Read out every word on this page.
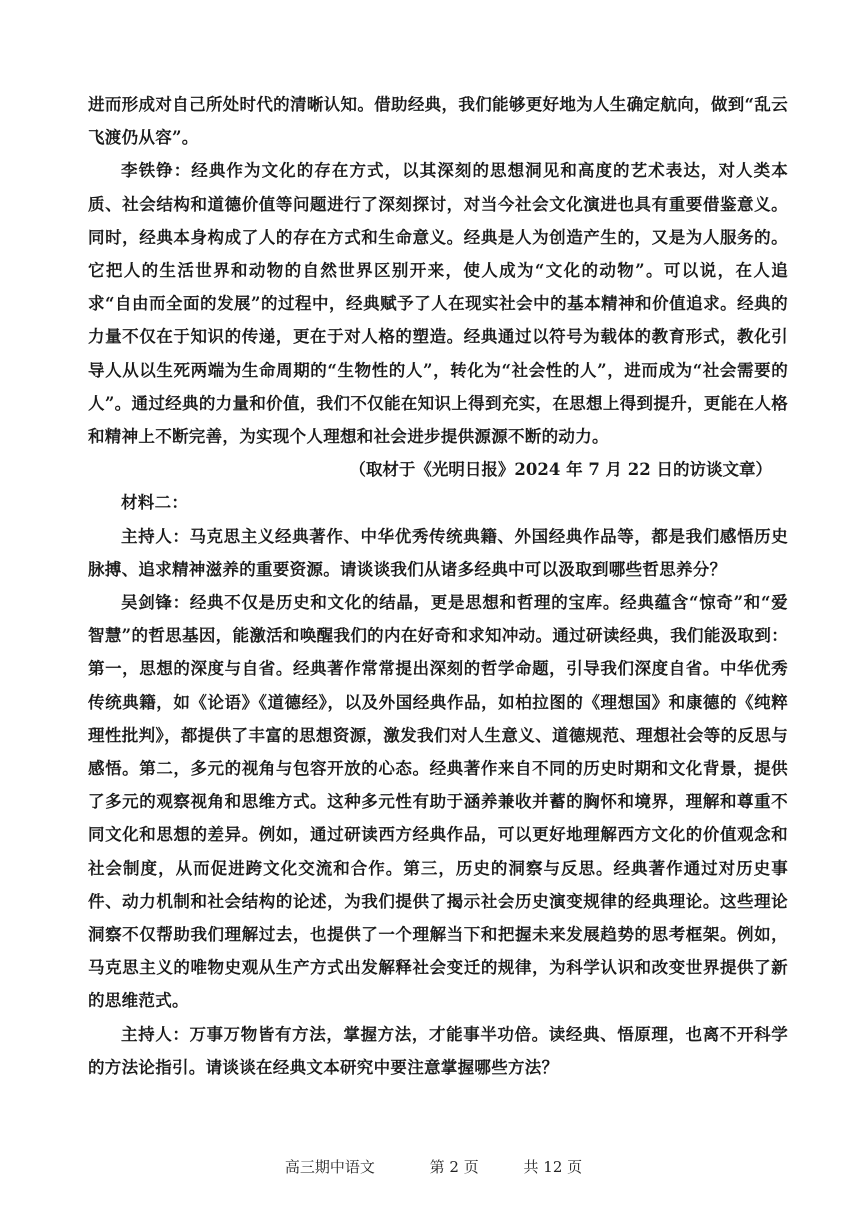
进而形成对自己所处时代的清晰认知。借助经典，我们能够更好地为人生确定航向，做到“乱云飞渡仍从容”。

李铁铮：经典作为文化的存在方式，以其深刻的思想洞见和高度的艺术表达，对人类本质、社会结构和道德价值等问题进行了深刻探讨，对当今社会文化演进也具有重要借鉴意义。同时，经典本身构成了人的存在方式和生命意义。经典是人为创造产生的，又是为人服务的。它把人的生活世界和动物的自然世界区别开来，使人成为“文化的动物”。可以说，在人追求“自由而全面的发展”的过程中，经典赋予了人在现实社会中的基本精神和价值追求。经典的力量不仅在于知识的传递，更在于对人格的塑造。经典通过以符号为载体的教育形式，教化引导人从以生死两端为生命周期的“生物性的人”，转化为“社会性的人”，进而成为“社会需要的人”。通过经典的力量和价值，我们不仅能在知识上得到充实，在思想上得到提升，更能在人格和精神上不断完善，为实现个人理想和社会进步提供源源不断的动力。

（取材于《光明日报》2024 年 7 月 22 日的访谈文章）

材料二：

主持人：马克思主义经典著作、中华优秀传统典籍、外国经典作品等，都是我们感悟历史脉搏、追求精神滋养的重要资源。请谈谈我们从诸多经典中可以汲取到哪些哲思养分？

吴剑锋：经典不仅是历史和文化的结晶，更是思想和哲理的宝库。经典蕴含“惊奇”和“爱智慧”的哲思基因，能激活和唤醒我们的内在好奇和求知冲动。通过研读经典，我们能汲取到：第一，思想的深度与自省。经典著作常常提出深刻的哲学命题，引导我们深度自省。中华优秀传统典籍，如《论语》《道德经》，以及外国经典作品，如柏拉图的《理想国》和康德的《纯粹理性批判》，都提供了丰富的思想资源，激发我们对人生意义、道德规范、理想社会等的反思与感悟。第二，多元的视角与包容开放的心态。经典著作来自不同的历史时期和文化背景，提供了多元的观察视角和思维方式。这种多元性有助于涵养兼收并蓄的胸怀和境界，理解和尊重不同文化和思想的差异。例如，通过研读西方经典作品，可以更好地理解西方文化的价值观念和社会制度，从而促进跨文化交流和合作。第三，历史的洞察与反思。经典著作通过对历史事件、动力机制和社会结构的论述，为我们提供了揭示社会历史演变规律的经典理论。这些理论洞察不仅帮助我们理解过去，也提供了一个理解当下和把握未来发展趋势的思考框架。例如，马克思主义的唯物史观从生产方式出发解释社会变迁的规律，为科学认识和改变世界提供了新的思维范式。

主持人：万事万物皆有方法，掌握方法，才能事半功倍。读经典、悟原理，也离不开科学的方法论指引。请谈谈在经典文本研究中要注意掌握哪些方法？

高三期中语文	第 2 页	共 12 页
